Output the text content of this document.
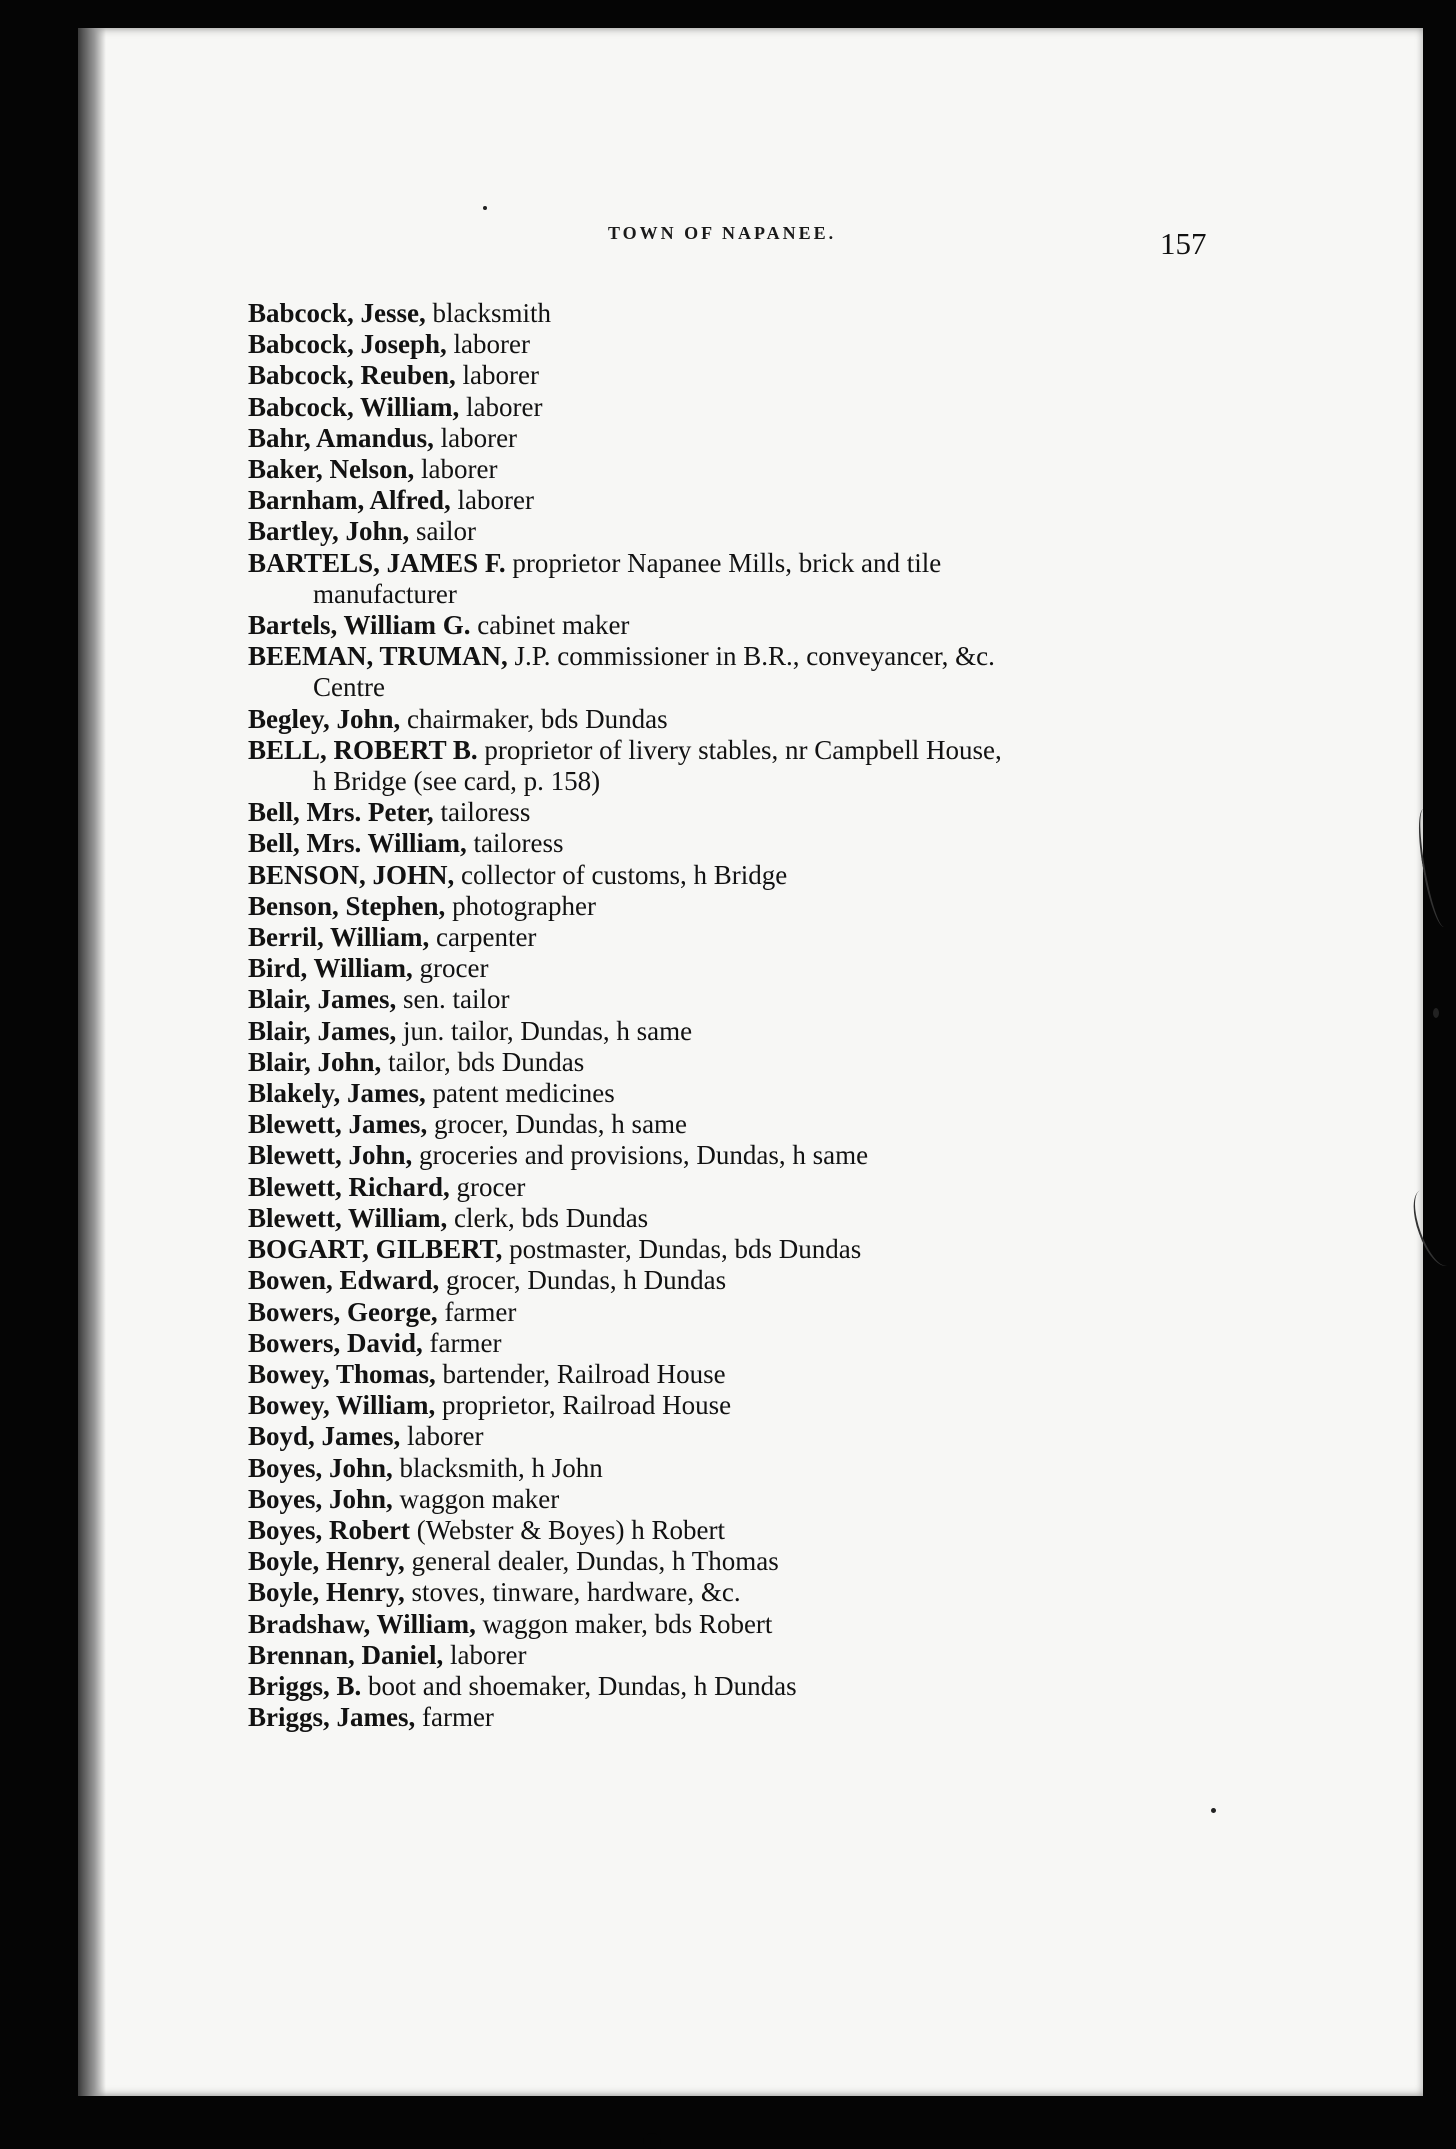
TOWN OF NAPANEE.	157
Babcock, Jesse, blacksmith
Babcock, Joseph, laborer
Babcock, Reuben, laborer
Babcock, William, laborer
Bahr, Amandus, laborer
Baker, Nelson, laborer
Barnham, Alfred, laborer
Bartley, John, sailor
BARTELS, JAMES F. proprietor Napanee Mills, brick and tile
manufacturer
Bartels, William G. cabinet maker
BEEMAN, TRUMAN, J.P. commissioner in B.R., conveyancer, &c.
Centre
Begley, John, chairmaker, bds Dundas
BELL, ROBERT B. proprietor of livery stables, nr Campbell House,
h Bridge (see card, p. 158)
Bell, Mrs. Peter, tailoress
Bell, Mrs. William, tailoress
BENSON, JOHN, collector of customs, h Bridge
Benson, Stephen, photographer
Berril, William, carpenter
Bird, William, grocer
Blair, James, sen. tailor
Blair, James, jun. tailor, Dundas, h same
Blair, John, tailor, bds Dundas
Blakely, James, patent medicines
Blewett, James, grocer, Dundas, h same
Blewett, John, groceries and provisions, Dundas, h same
Blewett, Richard, grocer
Blewett, William, clerk, bds Dundas
BOGART, GILBERT, postmaster, Dundas, bds Dundas
Bowen, Edward, grocer, Dundas, h Dundas
Bowers, George, farmer
Bowers, David, farmer
Bowey, Thomas, bartender, Railroad House
Bowey, William, proprietor, Railroad House
Boyd, James, laborer
Boyes, John, blacksmith, h John
Boyes, John, waggon maker
Boyes, Robert (Webster & Boyes) h Robert
Boyle, Henry, general dealer, Dundas, h Thomas
Boyle, Henry, stoves, tinware, hardware, &c.
Bradshaw, William, waggon maker, bds Robert
Brennan, Daniel, laborer
Briggs, B. boot and shoemaker, Dundas, h Dundas
Briggs, James, farmer
